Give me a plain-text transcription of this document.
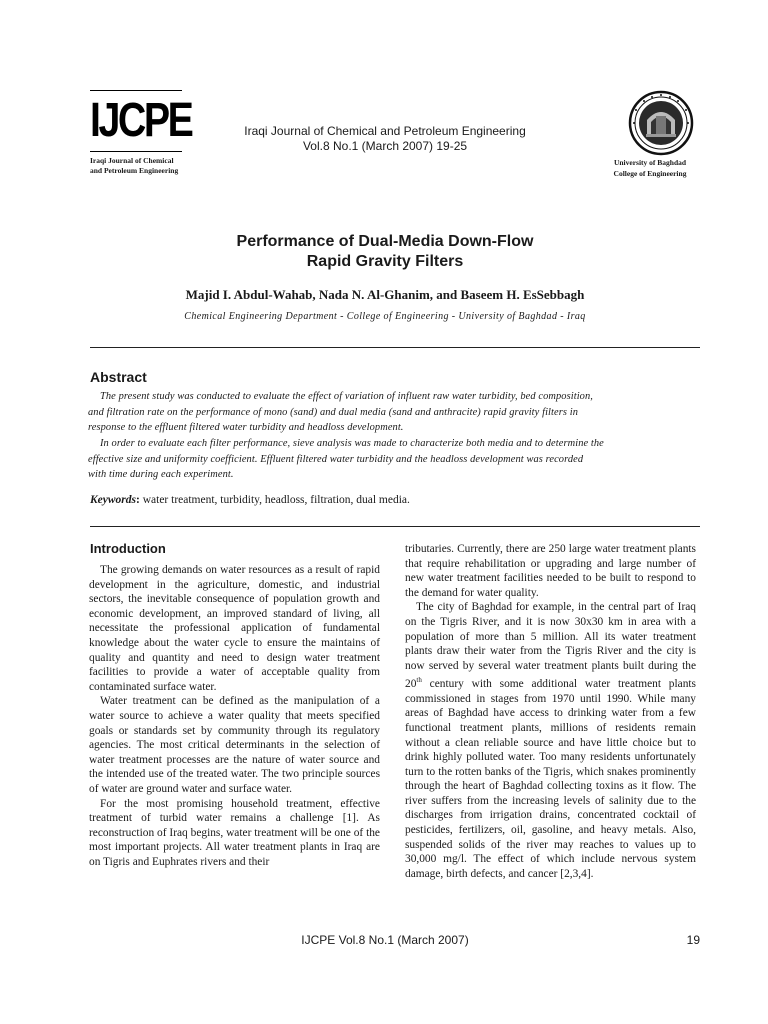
IJCPE
Iraqi Journal of Chemical
and Petroleum Engineering
Iraqi Journal of Chemical and Petroleum Engineering
Vol.8 No.1 (March 2007) 19-25
University of Baghdad
College of Engineering
Performance of Dual-Media Down-Flow
Rapid Gravity Filters
Majid I. Abdul-Wahab, Nada N. Al-Ghanim, and Baseem H. EsSebbagh
Chemical Engineering Department - College of Engineering - University of Baghdad - Iraq
Abstract
The present study was conducted to evaluate the effect of variation of influent raw water turbidity, bed composition,
and filtration rate on the performance of mono (sand) and dual media (sand and anthracite) rapid gravity filters in
response to the effluent filtered water turbidity and headloss development.
In order to evaluate each filter performance, sieve analysis was made to characterize both media and to determine the
effective size and uniformity coefficient. Effluent filtered water turbidity and the headloss development was recorded
with time during each experiment.
Keywords: water treatment, turbidity, headloss, filtration, dual media.
Introduction

The growing demands on water resources as a result of rapid development in the agriculture, domestic, and industrial sectors, the inevitable consequence of population growth and economic development, an improved standard of living, all necessitate the professional application of fundamental knowledge about the water cycle to ensure the maintains of quality and quantity and need to design water treatment facilities to provide a water of acceptable quality from contaminated surface water.

Water treatment can be defined as the manipulation of a water source to achieve a water quality that meets specified goals or standards set by community through its regulatory agencies. The most critical determinants in the selection of water treatment processes are the nature of water source and the intended use of the treated water. The two principle sources of water are ground water and surface water.

For the most promising household treatment, effective treatment of turbid water remains a challenge [1]. As reconstruction of Iraq begins, water treatment will be one of the most important projects. All water treatment plants in Iraq are on Tigris and Euphrates rivers and their

tributaries. Currently, there are 250 large water treatment plants that require rehabilitation or upgrading and large number of new water treatment facilities needed to be built to respond to the demand for water quality.

The city of Baghdad for example, in the central part of Iraq on the Tigris River, and it is now 30x30 km in area with a population of more than 5 million. All its water treatment plants draw their water from the Tigris River and the city is now served by several water treatment plants built during the 20th century with some additional water treatment plants commissioned in stages from 1970 until 1990. While many areas of Baghdad have access to drinking water from a few functional treatment plants, millions of residents remain without a clean reliable source and have little choice but to drink highly polluted water. Too many residents unfortunately turn to the rotten banks of the Tigris, which snakes prominently through the heart of Baghdad collecting toxins as it flow. The river suffers from the increasing levels of salinity due to the discharges from irrigation drains, concentrated cocktail of pesticides, fertilizers, oil, gasoline, and heavy metals. Also, suspended solids of the river may reaches to values up to 30,000 mg/l. The effect of which include nervous system damage, birth defects, and cancer [2,3,4].

IJCPE Vol.8 No.1 (March 2007)	19
